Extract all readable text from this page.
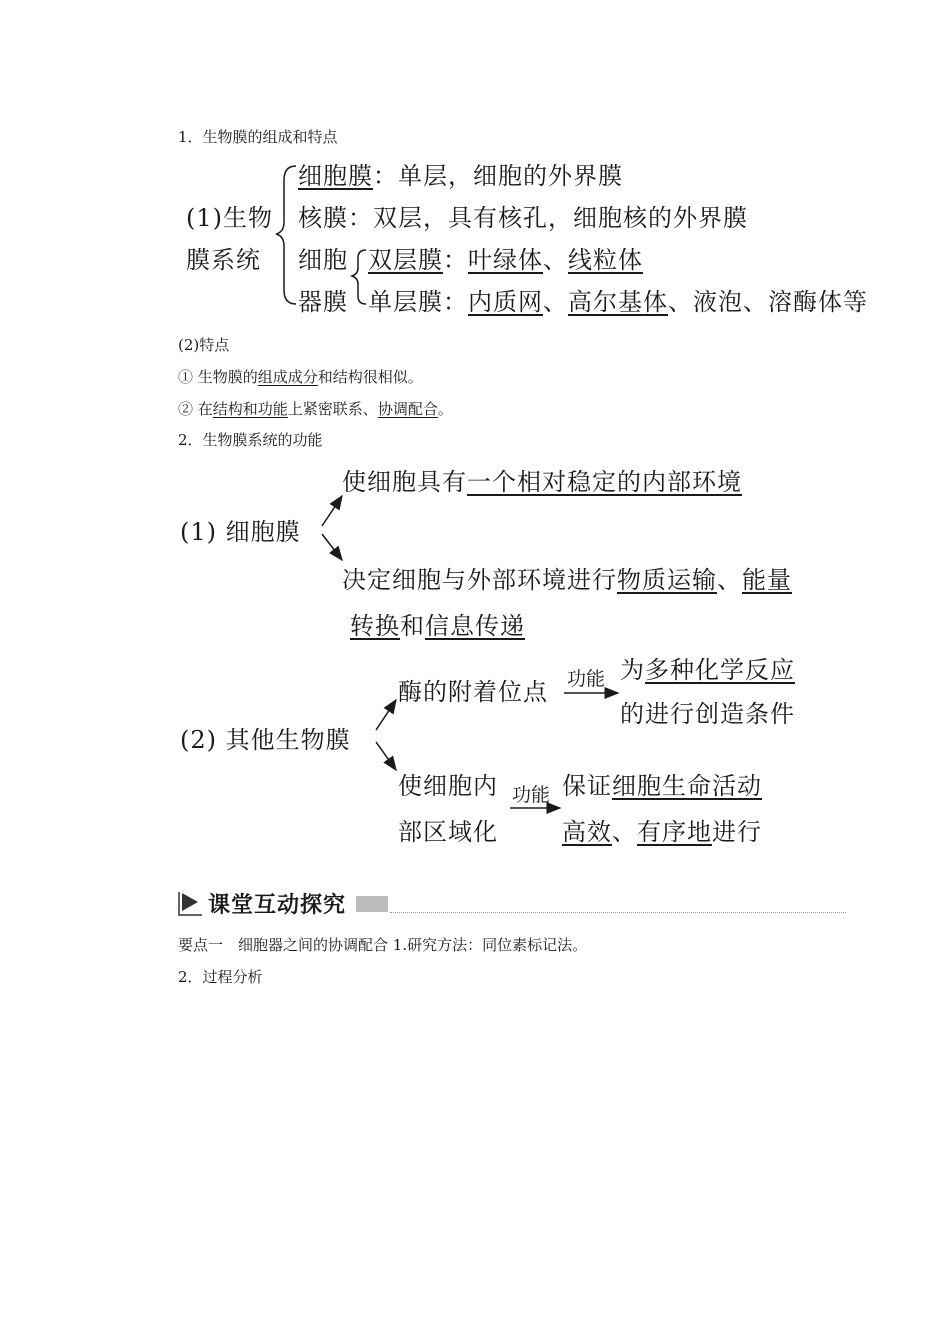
1．生物膜的组成和特点
(1)生物
膜系统
细胞膜：单层，细胞的外界膜
核膜：双层，具有核孔，细胞核的外界膜
细胞
器膜
双层膜：叶绿体、线粒体
单层膜：内质网、高尔基体、液泡、溶酶体等
(2)特点
① 生物膜的组成成分和结构很相似。
② 在结构和功能上紧密联系、协调配合。
2．生物膜系统的功能
(1) 细胞膜
使细胞具有一个相对稳定的内部环境
决定细胞与外部环境进行物质运输、能量
转换和信息传递
(2) 其他生物膜
酶的附着位点 功能 为多种化学反应
的进行创造条件
使细胞内
部区域化
功能 保证细胞生命活动
高效、有序地进行
课堂互动探究
要点一　细胞器之间的协调配合 1.研究方法：同位素标记法。
2．过程分析
